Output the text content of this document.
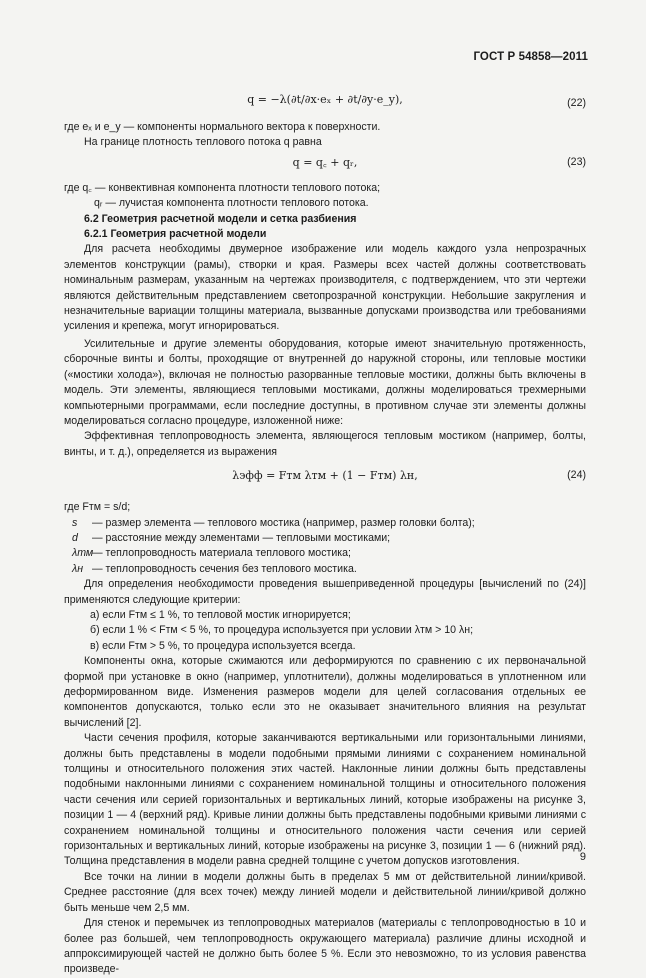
ГОСТ Р 54858—2011
q = −λ(∂t/∂x·eₓ + ∂t/∂y·e_y),	(22)
где eₓ и e_y — компоненты нормального вектора к поверхности.
На границе плотность теплового потока q равна
q = q꜀ + qᵣ,	(23)
где q꜀ — конвективная компонента плотности теплового потока;
qᵣ — лучистая компонента плотности теплового потока.
6.2 Геометрия расчетной модели и сетка разбиения
6.2.1 Геометрия расчетной модели
Для расчета необходимы двумерное изображение или модель каждого узла непрозрачных элементов конструкции (рамы), створки и края. Размеры всех частей должны соответствовать номинальным размерам, указанным на чертежах производителя, с подтверждением, что эти чертежи являются действительным представлением светопрозрачной конструкции. Небольшие закругления и незначительные вариации толщины материала, вызванные допусками производства или требованиями усиления и крепежа, могут игнорироваться.
Усилительные и другие элементы оборудования, которые имеют значительную протяженность, сборочные винты и болты, проходящие от внутренней до наружной стороны, или тепловые мостики («мостики холода»), включая не полностью разорванные тепловые мостики, должны быть включены в модель. Эти элементы, являющиеся тепловыми мостиками, должны моделироваться трехмерными компьютерными программами, если последние доступны, в противном случае эти элементы должны моделироваться согласно процедуре, изложенной ниже:
Эффективная теплопроводность элемента, являющегося тепловым мостиком (например, болты, винты, и т. д.), определяется из выражения
λэфф = Fтм λтм + (1 − Fтм) λн,	(24)
где Fтм = s/d;
s — размер элемента — теплового мостика (например, размер головки болта);
d — расстояние между элементами — тепловыми мостиками;
λтм
— теплопроводность материала теплового мостика;
λн — теплопроводность сечения без теплового мостика.
Для определения необходимости проведения вышеприведенной процедуры [вычислений по (24)] применяются следующие критерии:
а) если Fтм ≤ 1 %, то тепловой мостик игнорируется;
б) если 1 % < Fтм < 5 %, то процедура используется при условии λтм > 10 λн;
в) если Fтм > 5 %, то процедура используется всегда.
Компоненты окна, которые сжимаются или деформируются по сравнению с их первоначальной формой при установке в окно (например, уплотнители), должны моделироваться в уплотненном или деформированном виде. Изменения размеров модели для целей согласования отдельных ее компонентов допускаются, только если это не оказывает значительного влияния на результат вычислений [2].
Части сечения профиля, которые заканчиваются вертикальными или горизонтальными линиями, должны быть представлены в модели подобными прямыми линиями с сохранением номинальной толщины и относительного положения этих частей. Наклонные линии должны быть представлены подобными наклонными линиями с сохранением номинальной толщины и относительного положения части сечения или серией горизонтальных и вертикальных линий, которые изображены на рисунке 3, позиции 1 — 4 (верхний ряд). Кривые линии должны быть представлены подобными кривыми линиями с сохранением номинальной толщины и относительного положения части сечения или серией горизонтальных и вертикальных линий, которые изображены на рисунке 3, позиции 1 — 6 (нижний ряд). Толщина представления в модели равна средней толщине с учетом допусков изготовления.
Все точки на линии в модели должны быть в пределах 5 мм от действительной линии/кривой. Среднее расстояние (для всех точек) между линией модели и действительной линии/кривой должно быть меньше чем 2,5 мм.
Для стенок и перемычек из теплопроводных материалов (материалы с теплопроводностью в 10 и более раз большей, чем теплопроводность окружающего материала) различие длины исходной и аппроксимирующей частей не должно быть более 5 %. Если это невозможно, то из условия равенства произведе-
9
